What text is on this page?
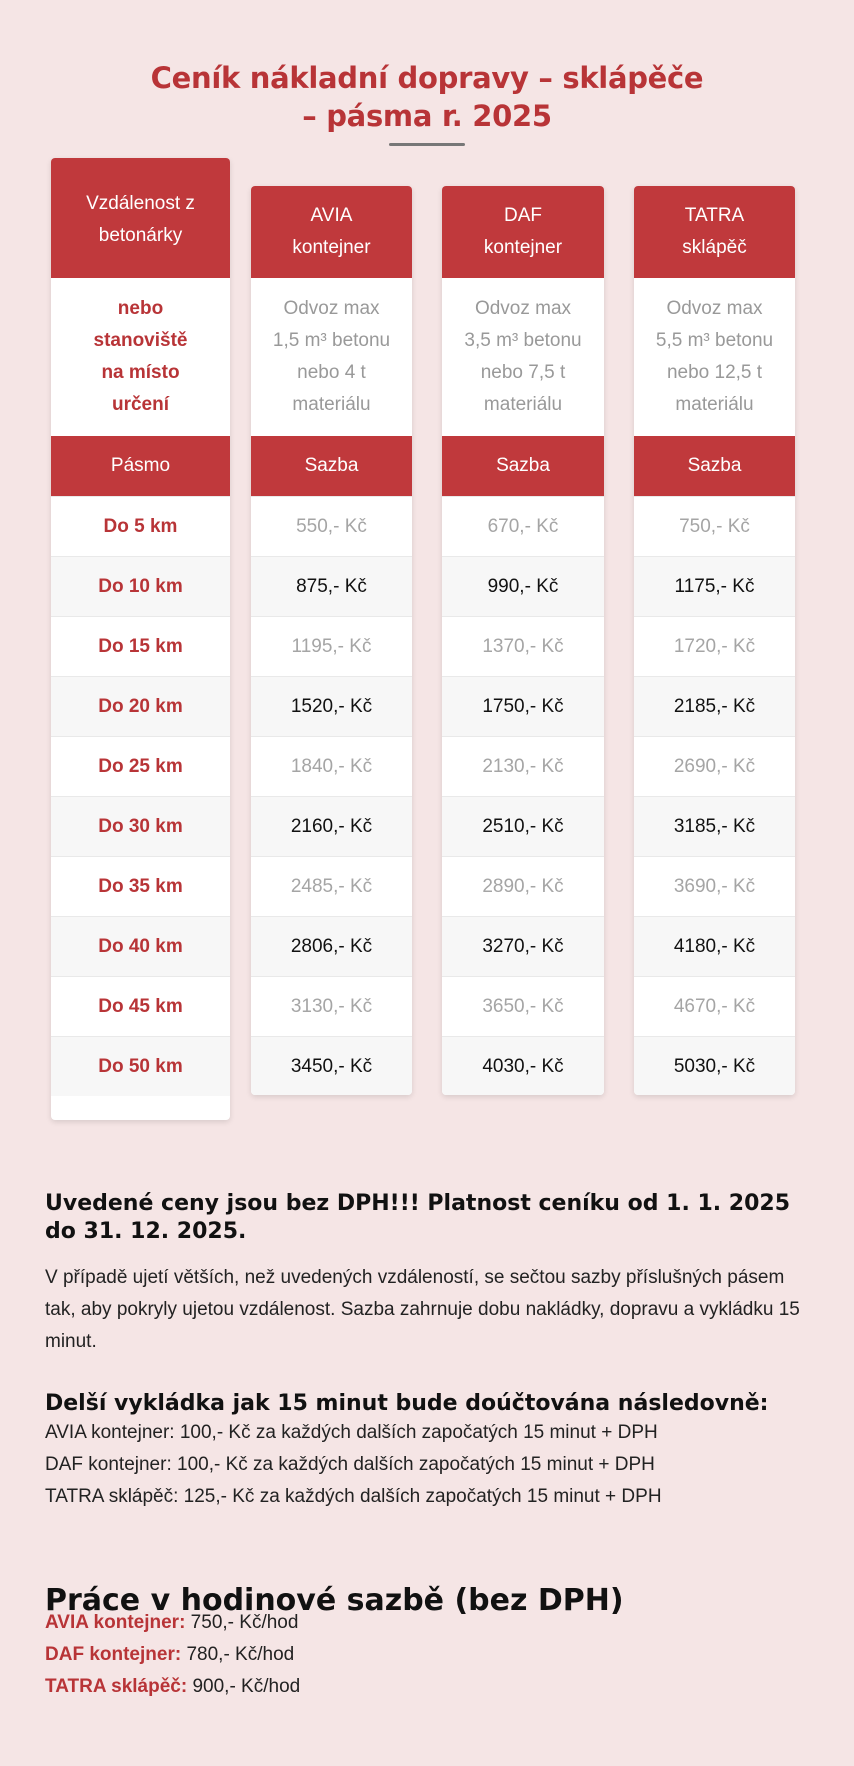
Ceník nákladní dopravy – sklápěče
– pásma r. 2025
Vzdálenost z
betonárky
nebo
stanoviště
na místo
určení
Pásmo
Do 5 km
Do 10 km
Do 15 km
Do 20 km
Do 25 km
Do 30 km
Do 35 km
Do 40 km
Do 45 km
Do 50 km
AVIA
kontejner
Odvoz max
1,5 m³ betonu
nebo 4 t
materiálu
Sazba
550,- Kč
875,- Kč
1195,- Kč
1520,- Kč
1840,- Kč
2160,- Kč
2485,- Kč
2806,- Kč
3130,- Kč
3450,- Kč
DAF
kontejner
Odvoz max
3,5 m³ betonu
nebo 7,5 t
materiálu
Sazba
670,- Kč
990,- Kč
1370,- Kč
1750,- Kč
2130,- Kč
2510,- Kč
2890,- Kč
3270,- Kč
3650,- Kč
4030,- Kč
TATRA
sklápěč
Odvoz max
5,5 m³ betonu
nebo 12,5 t
materiálu
Sazba
750,- Kč
1175,- Kč
1720,- Kč
2185,- Kč
2690,- Kč
3185,- Kč
3690,- Kč
4180,- Kč
4670,- Kč
5030,- Kč
Uvedené ceny jsou bez DPH!!! Platnost ceníku od 1. 1. 2025 do 31. 12. 2025.

V případě ujetí větších, než uvedených vzdáleností, se sečtou sazby příslušných pásem tak, aby pokryly ujetou vzdálenost. Sazba zahrnuje dobu nakládky, dopravu a vykládku 15 minut.

Delší vykládka jak 15 minut bude doúčtována následovně:
AVIA kontejner: 100,- Kč za každých dalších započatých 15 minut + DPH
DAF kontejner: 100,- Kč za každých dalších započatých 15 minut + DPH
TATRA sklápěč: 125,- Kč za každých dalších započatých 15 minut + DPH
Práce v hodinové sazbě (bez DPH)
AVIA kontejner: 750,- Kč/hod
DAF kontejner: 780,- Kč/hod
TATRA sklápěč: 900,- Kč/hod
